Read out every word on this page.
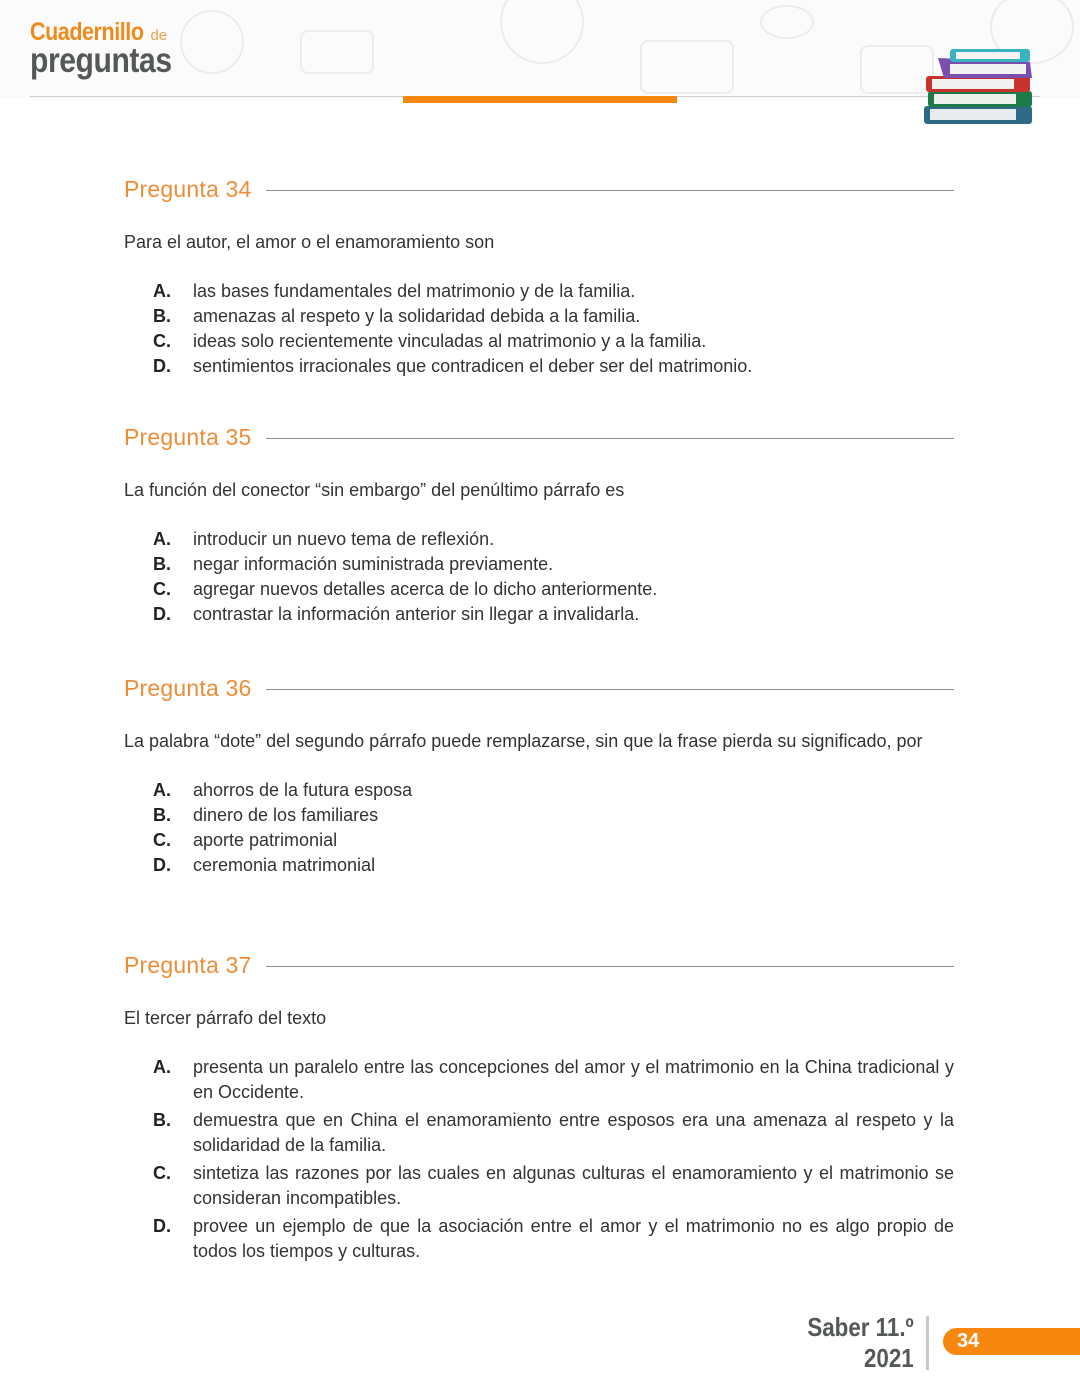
Cuadernillo de
preguntas
Pregunta 34

Para el autor, el amor o el enamoramiento son

A.	las bases fundamentales del matrimonio y de la familia.
B.	amenazas al respeto y la solidaridad debida a la familia.
C.	ideas solo recientemente vinculadas al matrimonio y a la familia.
D.	sentimientos irracionales que contradicen el deber ser del matrimonio.
Pregunta 35

La función del conector “sin embargo” del penúltimo párrafo es

A.	introducir un nuevo tema de reflexión.
B.	negar información suministrada previamente.
C.	agregar nuevos detalles acerca de lo dicho anteriormente.
D.	contrastar la información anterior sin llegar a invalidarla.
Pregunta 36

La palabra “dote” del segundo párrafo puede remplazarse, sin que la frase pierda su significado, por

A.	ahorros de la futura esposa
B.	dinero de los familiares
C.	aporte patrimonial
D.	ceremonia matrimonial
Pregunta 37

El tercer párrafo del texto

A.	presenta un paralelo entre las concepciones del amor y el matrimonio en la China tradicional y en Occidente.
B.	demuestra que en China el enamoramiento entre esposos era una amenaza al respeto y la solidaridad de la familia.
C.	sintetiza las razones por las cuales en algunas culturas el enamoramiento y el matrimonio se consideran incompatibles.
D.	provee un ejemplo de que la asociación entre el amor y el matrimonio no es algo propio de todos los tiempos y culturas.
Saber 11.º
2021
34
